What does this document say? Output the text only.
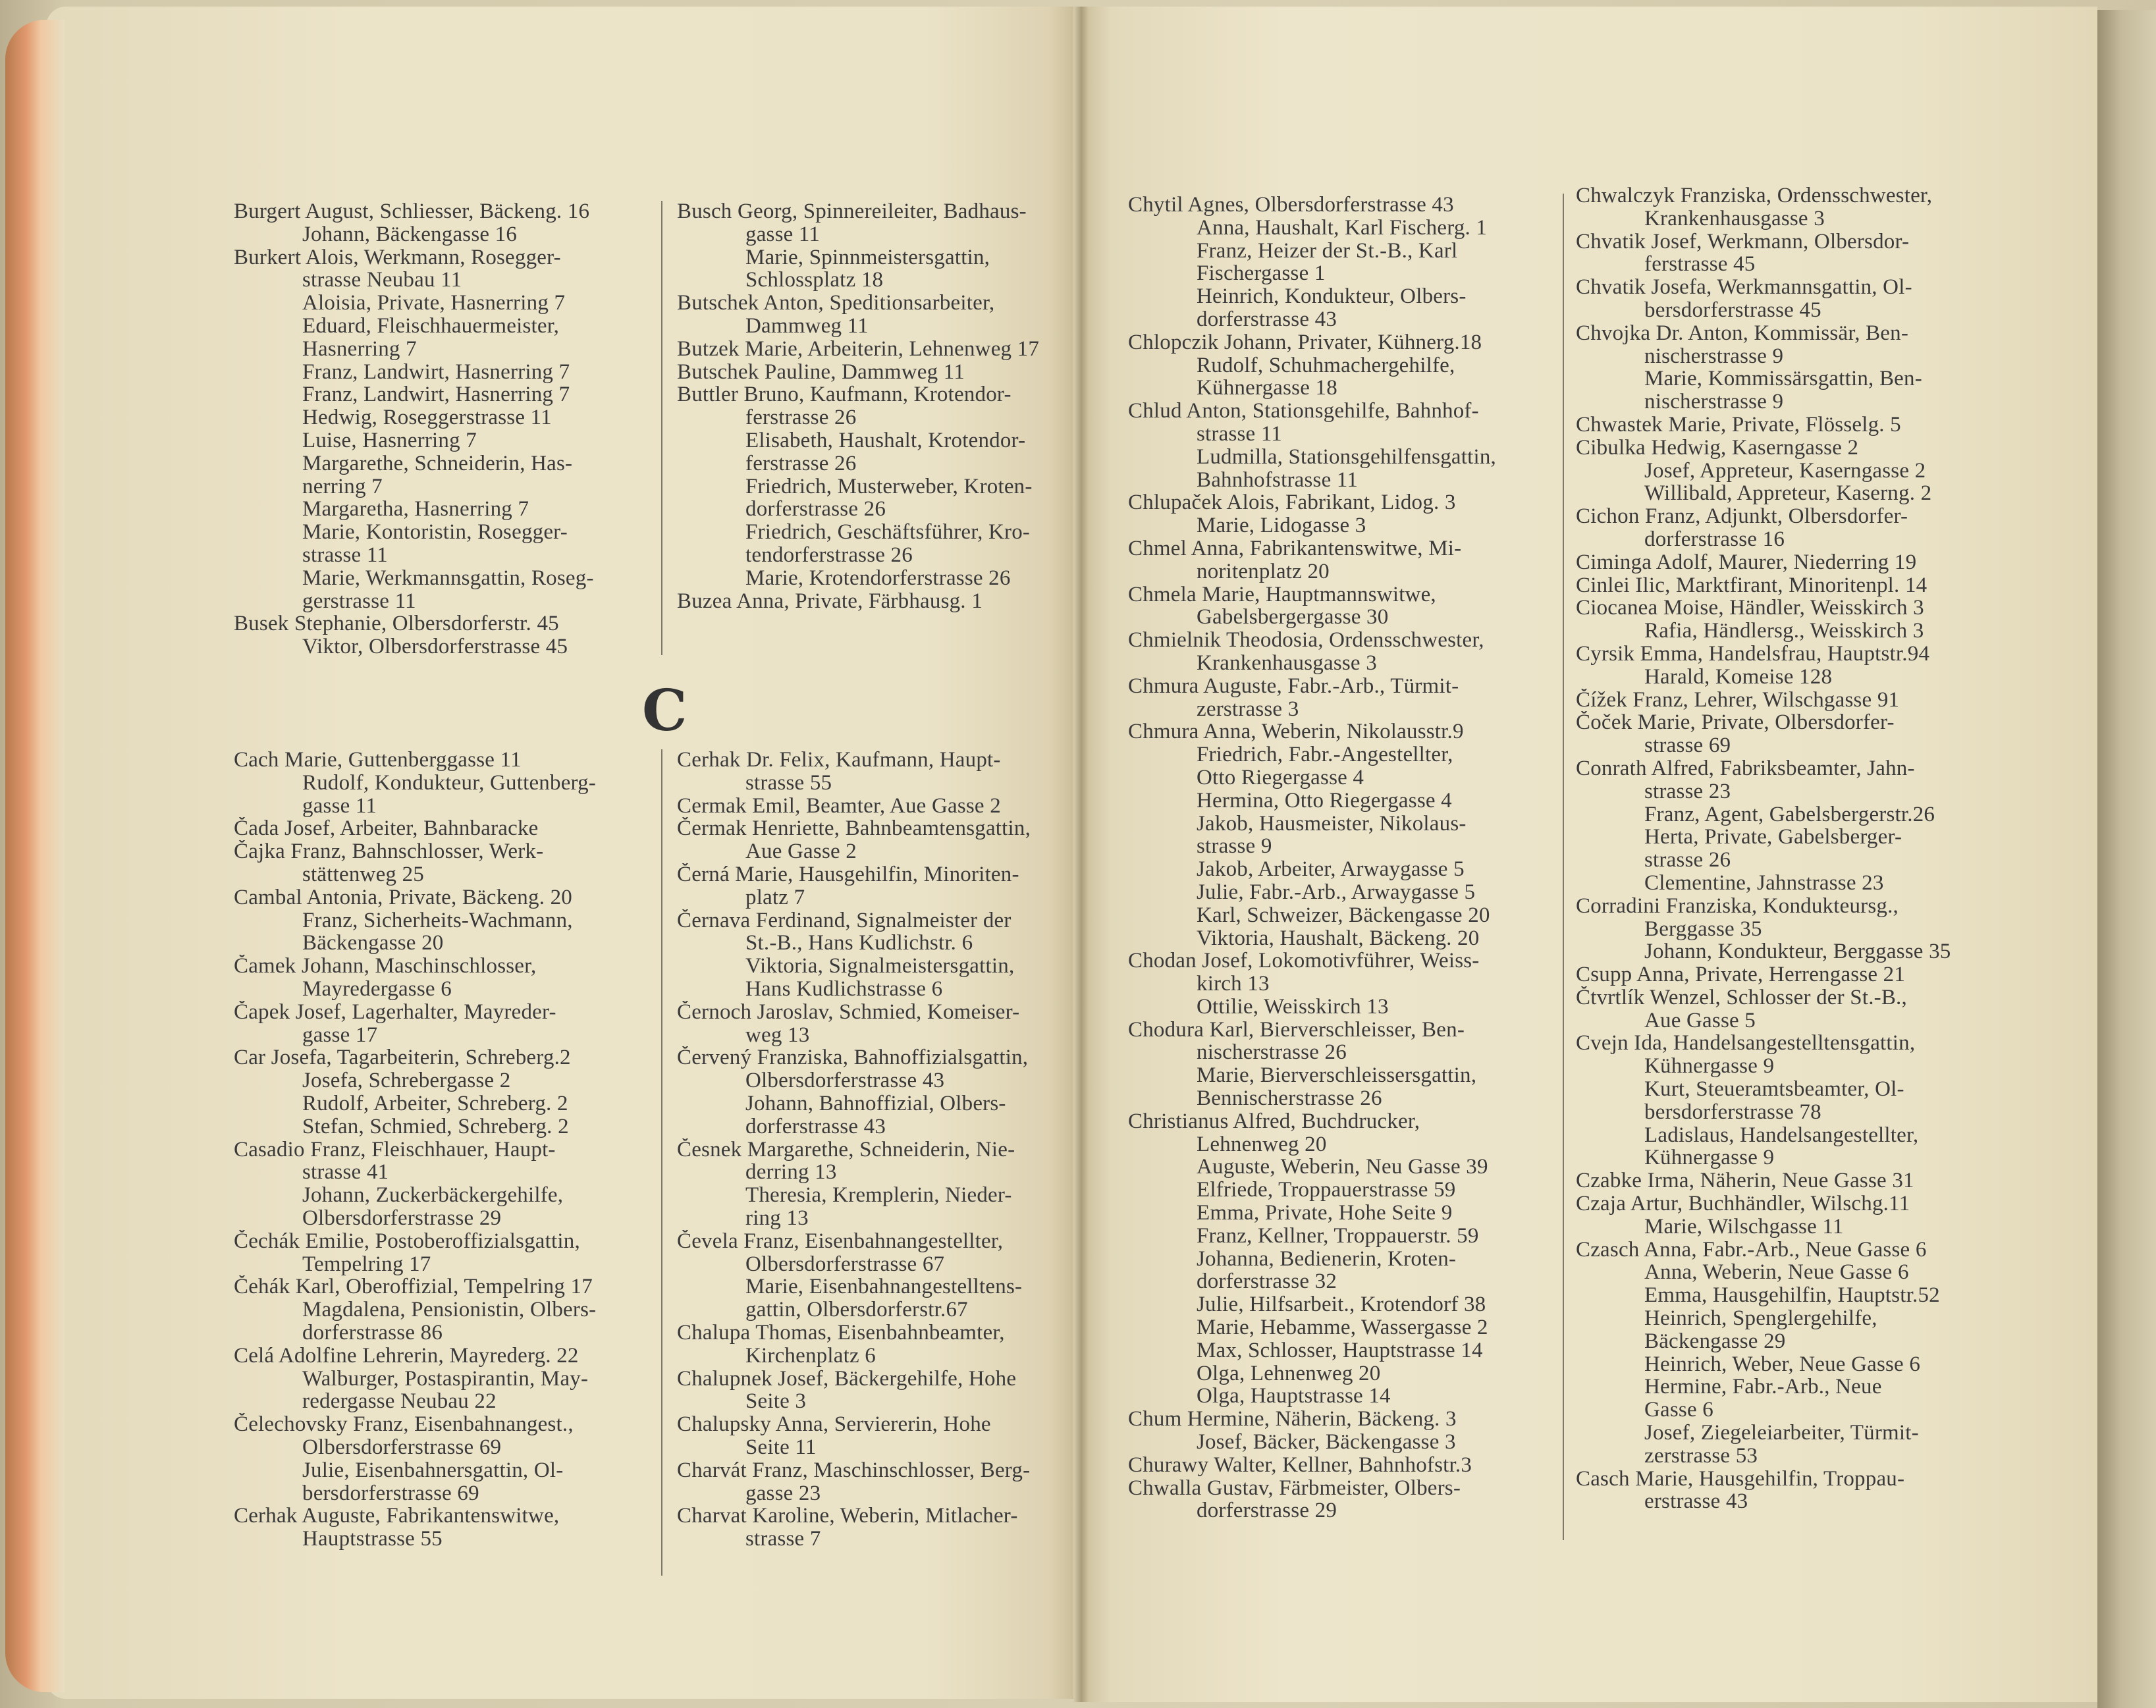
Burgert August, Schliesser, Bäckeng. 16
Johann, Bäckengasse 16
Burkert Alois, Werkmann, Rosegger-
strasse Neubau 11
Aloisia, Private, Hasnerring 7
Eduard, Fleischhauermeister,
Hasnerring 7
Franz, Landwirt, Hasnerring 7
Franz, Landwirt, Hasnerring 7
Hedwig, Roseggerstrasse 11
Luise, Hasnerring 7
Margarethe, Schneiderin, Has-
nerring 7
Margaretha, Hasnerring 7
Marie, Kontoristin, Rosegger-
strasse 11
Marie, Werkmannsgattin, Roseg-
gerstrasse 11
Busek Stephanie, Olbersdorferstr. 45
Viktor, Olbersdorferstrasse 45
Busch Georg, Spinnereileiter, Badhaus-
gasse 11
Marie, Spinnmeistersgattin,
Schlossplatz 18
Butschek Anton, Speditionsarbeiter,
Dammweg 11
Butzek Marie, Arbeiterin, Lehnenweg 17
Butschek Pauline, Dammweg 11
Buttler Bruno, Kaufmann, Krotendor-
ferstrasse 26
Elisabeth, Haushalt, Krotendor-
ferstrasse 26
Friedrich, Musterweber, Kroten-
dorferstrasse 26
Friedrich, Geschäftsführer, Kro-
tendorferstrasse 26
Marie, Krotendorferstrasse 26
Buzea Anna, Private, Färbhausg. 1
C
Cach Marie, Guttenberggasse 11
Rudolf, Kondukteur, Guttenberg-
gasse 11
Čada Josef, Arbeiter, Bahnbaracke
Čajka Franz, Bahnschlosser, Werk-
stättenweg 25
Cambal Antonia, Private, Bäckeng. 20
Franz, Sicherheits-Wachmann,
Bäckengasse 20
Čamek Johann, Maschinschlosser,
Mayredergasse 6
Čapek Josef, Lagerhalter, Mayreder-
gasse 17
Car Josefa, Tagarbeiterin, Schreberg.2
Josefa, Schrebergasse 2
Rudolf, Arbeiter, Schreberg. 2
Stefan, Schmied, Schreberg. 2
Casadio Franz, Fleischhauer, Haupt-
strasse 41
Johann, Zuckerbäckergehilfe,
Olbersdorferstrasse 29
Čechák Emilie, Postoberoffizialsgattin,
Tempelring 17
Čehák Karl, Oberoffizial, Tempelring 17
Magdalena, Pensionistin, Olbers-
dorferstrasse 86
Celá Adolfine Lehrerin, Mayrederg. 22
Walburger, Postaspirantin, May-
redergasse Neubau 22
Čelechovsky Franz, Eisenbahnangest.,
Olbersdorferstrasse 69
Julie, Eisenbahnersgattin, Ol-
bersdorferstrasse 69
Cerhak Auguste, Fabrikantenswitwe,
Hauptstrasse 55
Cerhak Dr. Felix, Kaufmann, Haupt-
strasse 55
Cermak Emil, Beamter, Aue Gasse 2
Čermak Henriette, Bahnbeamtensgattin,
Aue Gasse 2
Černá Marie, Hausgehilfin, Minoriten-
platz 7
Černava Ferdinand, Signalmeister der
St.-B., Hans Kudlichstr. 6
Viktoria, Signalmeistersgattin,
Hans Kudlichstrasse 6
Černoch Jaroslav, Schmied, Komeiser-
weg 13
Červený Franziska, Bahnoffizialsgattin,
Olbersdorferstrasse 43
Johann, Bahnoffizial, Olbers-
dorferstrasse 43
Česnek Margarethe, Schneiderin, Nie-
derring 13
Theresia, Kremplerin, Nieder-
ring 13
Čevela Franz, Eisenbahnangestellter,
Olbersdorferstrasse 67
Marie, Eisenbahnangestelltens-
gattin, Olbersdorferstr.67
Chalupa Thomas, Eisenbahnbeamter,
Kirchenplatz 6
Chalupnek Josef, Bäckergehilfe, Hohe
Seite 3
Chalupsky Anna, Serviererin, Hohe
Seite 11
Charvát Franz, Maschinschlosser, Berg-
gasse 23
Charvat Karoline, Weberin, Mitlacher-
strasse 7
Chytil Agnes, Olbersdorferstrasse 43
Anna, Haushalt, Karl Fischerg. 1
Franz, Heizer der St.-B., Karl
Fischergasse 1
Heinrich, Kondukteur, Olbers-
dorferstrasse 43
Chlopczik Johann, Privater, Kühnerg.18
Rudolf, Schuhmachergehilfe,
Kühnergasse 18
Chlud Anton, Stationsgehilfe, Bahnhof-
strasse 11
Ludmilla, Stationsgehilfensgattin,
Bahnhofstrasse 11
Chlupaček Alois, Fabrikant, Lidog. 3
Marie, Lidogasse 3
Chmel Anna, Fabrikantenswitwe, Mi-
noritenplatz 20
Chmela Marie, Hauptmannswitwe,
Gabelsbergergasse 30
Chmielnik Theodosia, Ordensschwester,
Krankenhausgasse 3
Chmura Auguste, Fabr.-Arb., Türmit-
zerstrasse 3
Chmura Anna, Weberin, Nikolausstr.9
Friedrich, Fabr.-Angestellter,
Otto Riegergasse 4
Hermina, Otto Riegergasse 4
Jakob, Hausmeister, Nikolaus-
strasse 9
Jakob, Arbeiter, Arwaygasse 5
Julie, Fabr.-Arb., Arwaygasse 5
Karl, Schweizer, Bäckengasse 20
Viktoria, Haushalt, Bäckeng. 20
Chodan Josef, Lokomotivführer, Weiss-
kirch 13
Ottilie, Weisskirch 13
Chodura Karl, Bierverschleisser, Ben-
nischerstrasse 26
Marie, Bierverschleissersgattin,
Bennischerstrasse 26
Christianus Alfred, Buchdrucker,
Lehnenweg 20
Auguste, Weberin, Neu Gasse 39
Elfriede, Troppauerstrasse 59
Emma, Private, Hohe Seite 9
Franz, Kellner, Troppauerstr. 59
Johanna, Bedienerin, Kroten-
dorferstrasse 32
Julie, Hilfsarbeit., Krotendorf 38
Marie, Hebamme, Wassergasse 2
Max, Schlosser, Hauptstrasse 14
Olga, Lehnenweg 20
Olga, Hauptstrasse 14
Chum Hermine, Näherin, Bäckeng. 3
Josef, Bäcker, Bäckengasse 3
Churawy Walter, Kellner, Bahnhofstr.3
Chwalla Gustav, Färbmeister, Olbers-
dorferstrasse 29
Chwalczyk Franziska, Ordensschwester,
Krankenhausgasse 3
Chvatik Josef, Werkmann, Olbersdor-
ferstrasse 45
Chvatik Josefa, Werkmannsgattin, Ol-
bersdorferstrasse 45
Chvojka Dr. Anton, Kommissär, Ben-
nischerstrasse 9
Marie, Kommissärsgattin, Ben-
nischerstrasse 9
Chwastek Marie, Private, Flösselg. 5
Cibulka Hedwig, Kaserngasse 2
Josef, Appreteur, Kaserngasse 2
Willibald, Appreteur, Kaserng. 2
Cichon Franz, Adjunkt, Olbersdorfer-
dorferstrasse 16
Ciminga Adolf, Maurer, Niederring 19
Cinlei Ilic, Marktfirant, Minoritenpl. 14
Ciocanea Moise, Händler, Weisskirch 3
Rafia, Händlersg., Weisskirch 3
Cyrsik Emma, Handelsfrau, Hauptstr.94
Harald, Komeise 128
Čížek Franz, Lehrer, Wilschgasse 91
Čoček Marie, Private, Olbersdorfer-
strasse 69
Conrath Alfred, Fabriksbeamter, Jahn-
strasse 23
Franz, Agent, Gabelsbergerstr.26
Herta, Private, Gabelsberger-
strasse 26
Clementine, Jahnstrasse 23
Corradini Franziska, Kondukteursg.,
Berggasse 35
Johann, Kondukteur, Berggasse 35
Csupp Anna, Private, Herrengasse 21
Čtvrtlík Wenzel, Schlosser der St.-B.,
Aue Gasse 5
Cvejn Ida, Handelsangestelltensgattin,
Kühnergasse 9
Kurt, Steueramtsbeamter, Ol-
bersdorferstrasse 78
Ladislaus, Handelsangestellter,
Kühnergasse 9
Czabke Irma, Näherin, Neue Gasse 31
Czaja Artur, Buchhändler, Wilschg.11
Marie, Wilschgasse 11
Czasch Anna, Fabr.-Arb., Neue Gasse 6
Anna, Weberin, Neue Gasse 6
Emma, Hausgehilfin, Hauptstr.52
Heinrich, Spenglergehilfe,
Bäckengasse 29
Heinrich, Weber, Neue Gasse 6
Hermine, Fabr.-Arb., Neue
Gasse 6
Josef, Ziegeleiarbeiter, Türmit-
zerstrasse 53
Casch Marie, Hausgehilfin, Troppau-
erstrasse 43
